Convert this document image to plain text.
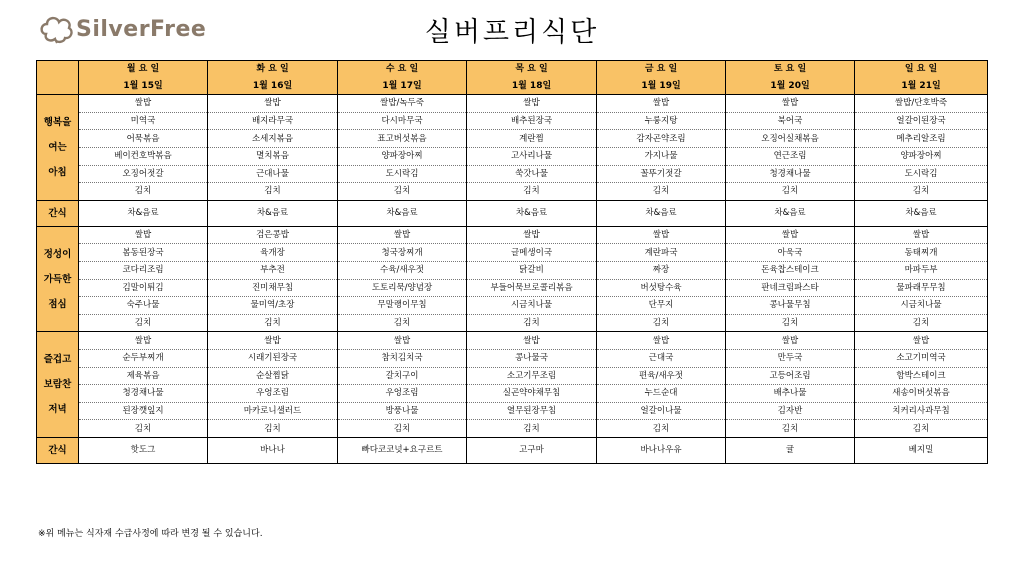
SilverFree	실버프리식단
	월 요 일	화 요 일	수 요 일	목 요 일	금 요 일	토 요 일	일 요 일
	1월 15일	1월 16일	1월 17일	1월 18일	1월 19일	1월 20일	1월 21일

행복을
여는
아침	쌀밥	쌀밥	쌀밥/녹두죽	쌀밥	쌀밥	쌀밥	쌀밥/단호박죽
	미역국	배지라무국	다시마무국	배추된장국	누룽지탕	북어국	얼갈이된장국
	어묵볶음	소세지볶음	표고버섯볶음	계란찜	감자곤약조림	오징어실채볶음	메추리알조림
	베이컨호박볶음	멸치볶음	양파장아찌	고사리나물	가지나물	연근조림	양파장아찌
	오징어젓갈	근대나물	도시락김	쑥갓나물	꼴뚜기젓갈	청경채나물	도시락김
	김치	김치	김치	김치	김치	김치	김치

간식	차&음료	차&음료	차&음료	차&음료	차&음료	차&음료	차&음료

정성이
가득한
점심	쌀밥	검은콩밥	쌀밥	쌀밥	쌀밥	쌀밥	쌀밥
	봄동된장국	육개장	청국장찌개	글메생이국	계란파국	아욱국	동태찌개
	코다리조림	부추전	수육/새우젓	닭갈비	짜장	돈육찹스테이크	마파두부
	김말이튀김	진미채무침	도토리묵/양념장	부들어묵브로콜리볶음	버섯탕수육	판네크림파스타	물파래무무침
	숙주나물	물미역/초장	무말랭이무침	시금치나물	단무지	콩나물무침	시금치나물
	김치	김치	김치	김치	김치	김치	김치

즐겁고
보람찬
저녁	쌀밥	쌀밥	쌀밥	쌀밥	쌀밥	쌀밥	쌀밥
	순두부찌개	시래기된장국	참치김치국	콩나물국	근대국	만두국	소고기미역국
	제육볶음	순살찜닭	갈치구이	소고기무조림	편육/새우젓	고등어조림	함박스테이크
	청경채나물	우엉조림	우엉조림	실곤약야채무침	누드순대	배추나물	새송이버섯볶음
	된장깻잎지	마카로니샐러드	방풍나물	열무된장무침	얼갈이나물	김자반	치커리사과무침
	김치	김치	김치	김치	김치	김치	김치

간식	핫도그	바나나	빠다코코넛+요구르트	고구마	바나나우유	귤	베지밀
※위 메뉴는 식자재 수급사정에 따라 변경 될 수 있습니다.
